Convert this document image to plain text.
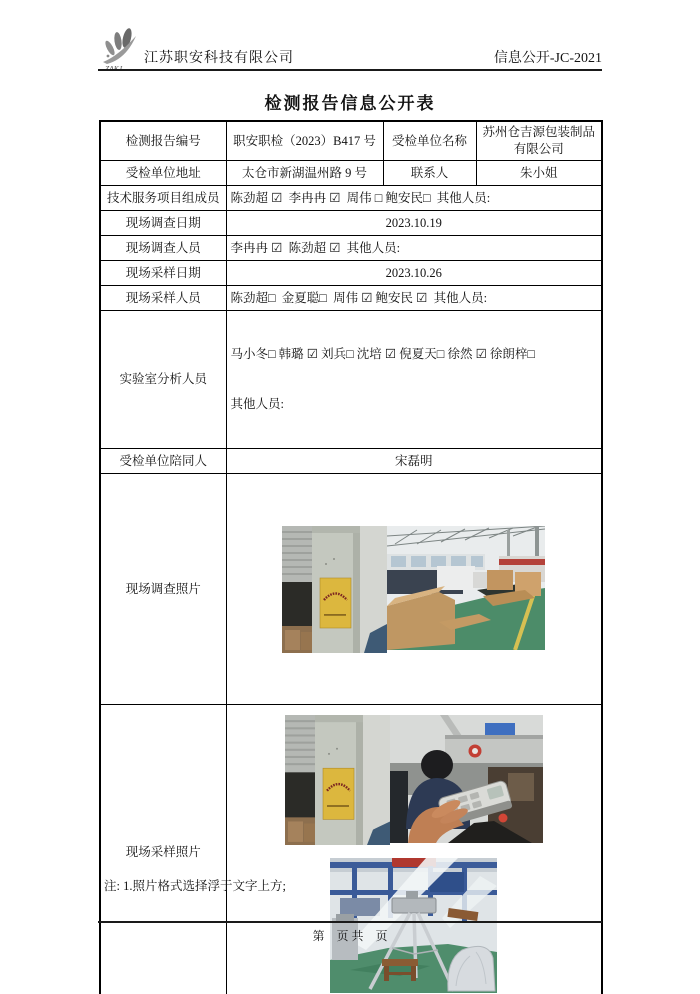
江苏职安科技有限公司	信息公开-JC-2021
检测报告信息公开表
检测报告编号	职安职检（2023）B417 号	受检单位名称	苏州仓吉源包装制品有限公司
受检单位地址	太仓市新湖温州路 9 号	联系人	朱小姐
技术服务项目组成员	陈劲超 ☑  李冉冉 ☑  周伟 □ 鲍安民□  其他人员:		
现场调查日期	2023.10.19		
现场调查人员	李冉冉 ☑  陈劲超 ☑  其他人员:		
现场采样日期	2023.10.26		
现场采样人员	陈劲超□  金夏聪□  周伟 ☑ 鲍安民 ☑  其他人员:		
实验室分析人员	马小冬□ 韩璐 ☑ 刘兵□ 沈培 ☑ 倪夏天□ 徐然 ☑ 徐朗梓□

其他人员:		

受检单位陪同人	宋磊明		
现场调查照片	

现场采样照片	
注: 1.照片格式选择浮于文字上方;
第　页 共　页
